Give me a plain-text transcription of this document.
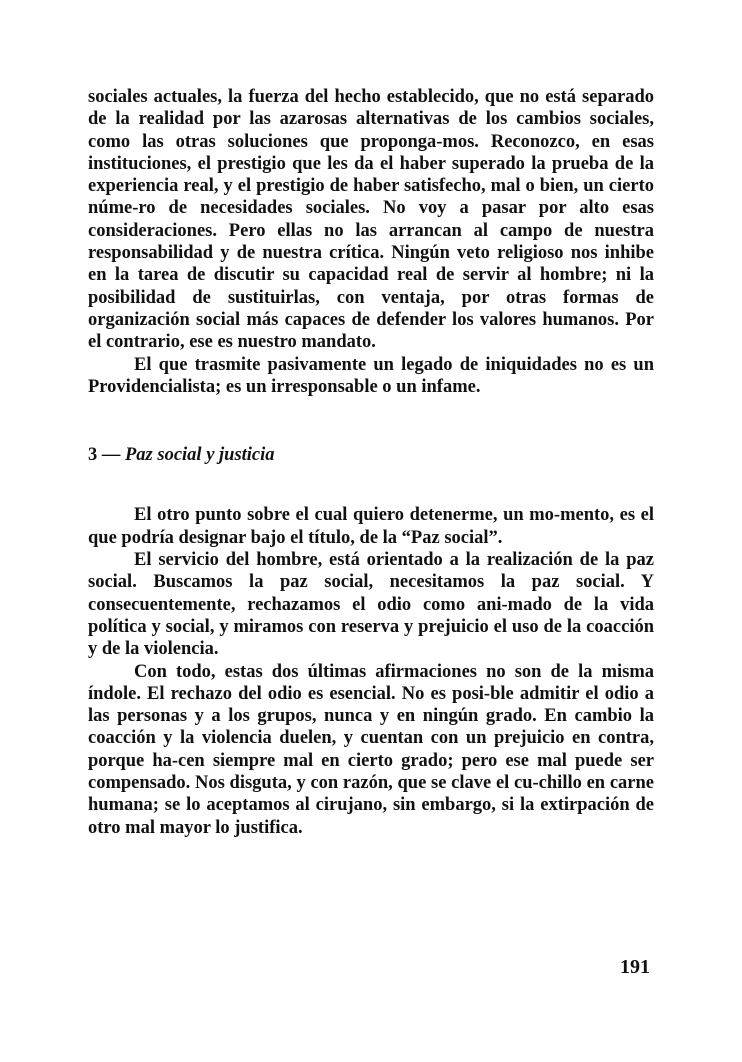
sociales actuales, la fuerza del hecho establecido, que no está separado de la realidad por las azarosas alternativas de los cambios sociales, como las otras soluciones que proponga-mos. Reconozco, en esas instituciones, el prestigio que les da el haber superado la prueba de la experiencia real, y el prestigio de haber satisfecho, mal o bien, un cierto núme-ro de necesidades sociales. No voy a pasar por alto esas consideraciones. Pero ellas no las arrancan al campo de nuestra responsabilidad y de nuestra crítica. Ningún veto religioso nos inhibe en la tarea de discutir su capacidad real de servir al hombre; ni la posibilidad de sustituirlas, con ventaja, por otras formas de organización social más capaces de defender los valores humanos. Por el contrario, ese es nuestro mandato.

El que trasmite pasivamente un legado de iniquidades no es un Providencialista; es un irresponsable o un infame.

3 — Paz social y justicia

El otro punto sobre el cual quiero detenerme, un mo-mento, es el que podría designar bajo el título, de la “Paz social”.

El servicio del hombre, está orientado a la realización de la paz social. Buscamos la paz social, necesitamos la paz social. Y consecuentemente, rechazamos el odio como ani-mado de la vida política y social, y miramos con reserva y prejuicio el uso de la coacción y de la violencia.

Con todo, estas dos últimas afirmaciones no son de la misma índole. El rechazo del odio es esencial. No es posi-ble admitir el odio a las personas y a los grupos, nunca y en ningún grado. En cambio la coacción y la violencia duelen, y cuentan con un prejuicio en contra, porque ha-cen siempre mal en cierto grado; pero ese mal puede ser compensado. Nos disguta, y con razón, que se clave el cu-chillo en carne humana; se lo aceptamos al cirujano, sin embargo, si la extirpación de otro mal mayor lo justifica.

191
